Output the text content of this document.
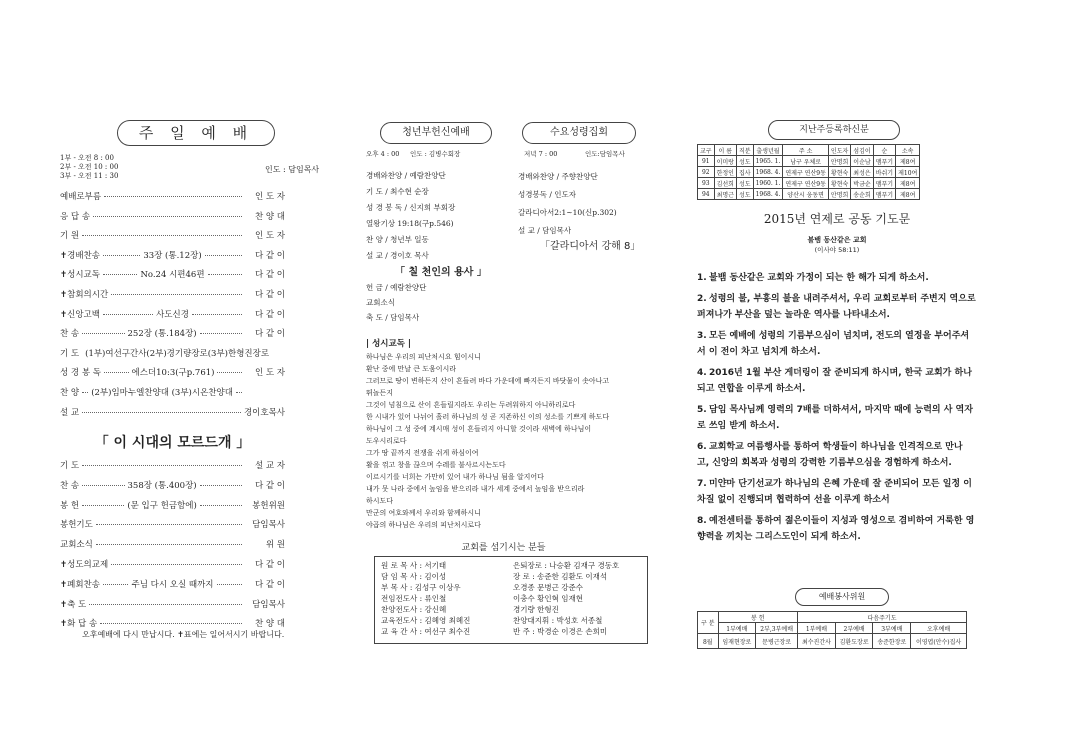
주 일 예 배
1부 - 오전 8 : 00
2부 - 오전 10 : 00
3부 - 오전 11 : 30
인도 : 담임목사
예배로부름	인 도 자
응 답 송	찬 양 대
기 원	인 도 자
✝경배찬송	33장 (통.12장)	다 같 이
✝성시교독	No.24 시편46편	다 같 이
✝참회의시간	다 같 이
✝신앙고백	사도신경	다 같 이
찬 송	252장 (통.184장)	다 같 이
기 도 (1부)여선구간사(2부)경기량장로(3부)한형진장로
성 경 봉 독	에스더10:3(구p.761)	인 도 자
찬 양 (2부)임마누엘찬양대 (3부)시온찬양대
설 교	경이호목사
「 이 시대의 모르드개 」
기 도	설 교 자
찬 송	358장 (통.400장)	다 같 이
봉 헌	(문 입구 헌금함에)	봉헌위원
봉헌기도	담임목사
교회소식	위 원
✝성도의교제	다 같 이
✝폐회찬송	주님 다시 오실 때까지	다 같 이
✝축 도	담임목사
✝화 답 송	찬 양 대
오후예배에 다시 만납시다. ✝표에는 일어서시기 바랍니다.
청년부헌신예배
오후 4 : 00 인도 : 김병수회장
경배와찬양 / 예람찬양단
기 도 / 최수현 순장
성 경 봉 독 / 신지희 부회장
열왕기상 19:18(구p.546)
찬 양 / 청년부 일동
설 교 / 경이호 목사
「 칠 천인의 용사 」
헌 금 / 예람찬양단
교회소식
축 도 / 담임목사
| 성시교독 |
하나님은 우리의 피난처시요 힘이시니
환난 중에 만날 큰 도움이시라
그러므로 땅이 변하든지 산이 흔들려 바다 가운데에 빠지든지 바닷물이 솟아나고
뛰놀든지
그것이 넘침으로 산이 흔들릴지라도 우리는 두려워하지 아니하리로다
한 시내가 있어 나뉘어 흘러 하나님의 성 곧 지존하신 이의 성소를 기쁘게 하도다
하나님이 그 성 중에 계시매 성이 흔들리지 아니할 것이라 새벽에 하나님이
도우시리로다
그가 땅 끝까지 전쟁을 쉬게 하심이여
활을 꺾고 창을 끊으며 수레를 불사르시는도다
이르시기를 너희는 가만히 있어 내가 하나님 됨을 알지어다
내가 뭇 나라 중에서 높임을 받으리라 내가 세계 중에서 높임을 받으리라
하시도다
만군의 여호와께서 우리와 함께하시니
야곱의 하나님은 우리의 피난처시로다
교회를 섬기시는 분들
원 로 목 사 : 서기태
담 임 목 사 : 김이성
부 목 사 : 김성구 이상우
전임전도사 : 류인철
찬양전도사 : 강신혜
교육전도사 : 김혜영 최혜진
교 육 간 사 : 여선구 최수진
은퇴장로 : 나승환 김재구 경동호
장 로 : 송준한 김환도 이재석
오경종 문병근 강준수
이충수 황인혁 임재현
경기량 한형진
찬양대지휘 : 박성호 서종철
반 주 : 박경순 이경은 손희미
수요성령집회
저녁 7 : 00	인도:담임목사
경배와찬양 / 주향찬양단
성경봉독 / 인도자
갈라디아서2:1~10(신p.302)
설 교 / 담임목사
「갈라디아서 강해 8」
지난주등록하신분
교구	이 름	직분	출생년월	주 소	인도자	섬김이	순	소속
91	이미랑	성도	1965. 1.	남구 우체로	안명희	이순남	맴푸기	제8여
92	한정인	집사	1968. 4.	연제구 연산9동	황현숙	최성은	바쉬기	제10여
93	김선희	성도	1960. 1.	연제구 연산9동	황현숙	박금순	맴푸기	제8여
94	최명근	성도	1968. 4.	양산시 웅동면	안명희	송순희	맴푸기	제8여
2015년 연제로 공동 기도문
불뱀 동산같은 교회
(이사야 58:11)
1. 불뱀 동산같은 교회와 가정이 되는 한 해가 되게 하소서.
2. 성령의 불, 부흥의 불을 내려주셔서, 우리 교회로부터 주변지 역으로 퍼져나가 부산을 덮는 놀라운 역사를 나타내소서.
3. 모든 예배에 성령의 기름부으심이 넘치며, 전도의 열정을 부어주셔서 이 전이 차고 넘치게 하소서.
4. 2016년 1월 부산 게더링이 잘 준비되게 하시며, 한국 교회가 하나되고 연합을 이루게 하소서.
5. 담임 목사님께 영력의 7배를 더하셔서, 마지막 때에 능력의 사 역자로 쓰임 받게 하소서.
6. 교회학교 여름행사를 통하여 학생들이 하나님을 인격적으로 만나 고, 신앙의 회복과 성령의 강력한 기름부으심을 경험하게 하소서.
7. 미얀마 단기선교가 하나님의 은혜 가운데 잘 준비되어 모든 일정 이 차질 없이 진행되며 협력하여 선을 이루게 하소서
8. 예전센터를 통하여 젊은이들이 지성과 영성으로 겸비하여 거룩한 영향력을 끼치는 그리스도인이 되게 하소서.
예배봉사위원
구 분	봉 헌		다음주기도			
	1부예배	2부,3부예배	1부예배	2부예배	3부예배	오후예배
8월	임재현장로	문병근장로	최수진간사	김환도장로	송준한장로	이영엽(안수)집사
